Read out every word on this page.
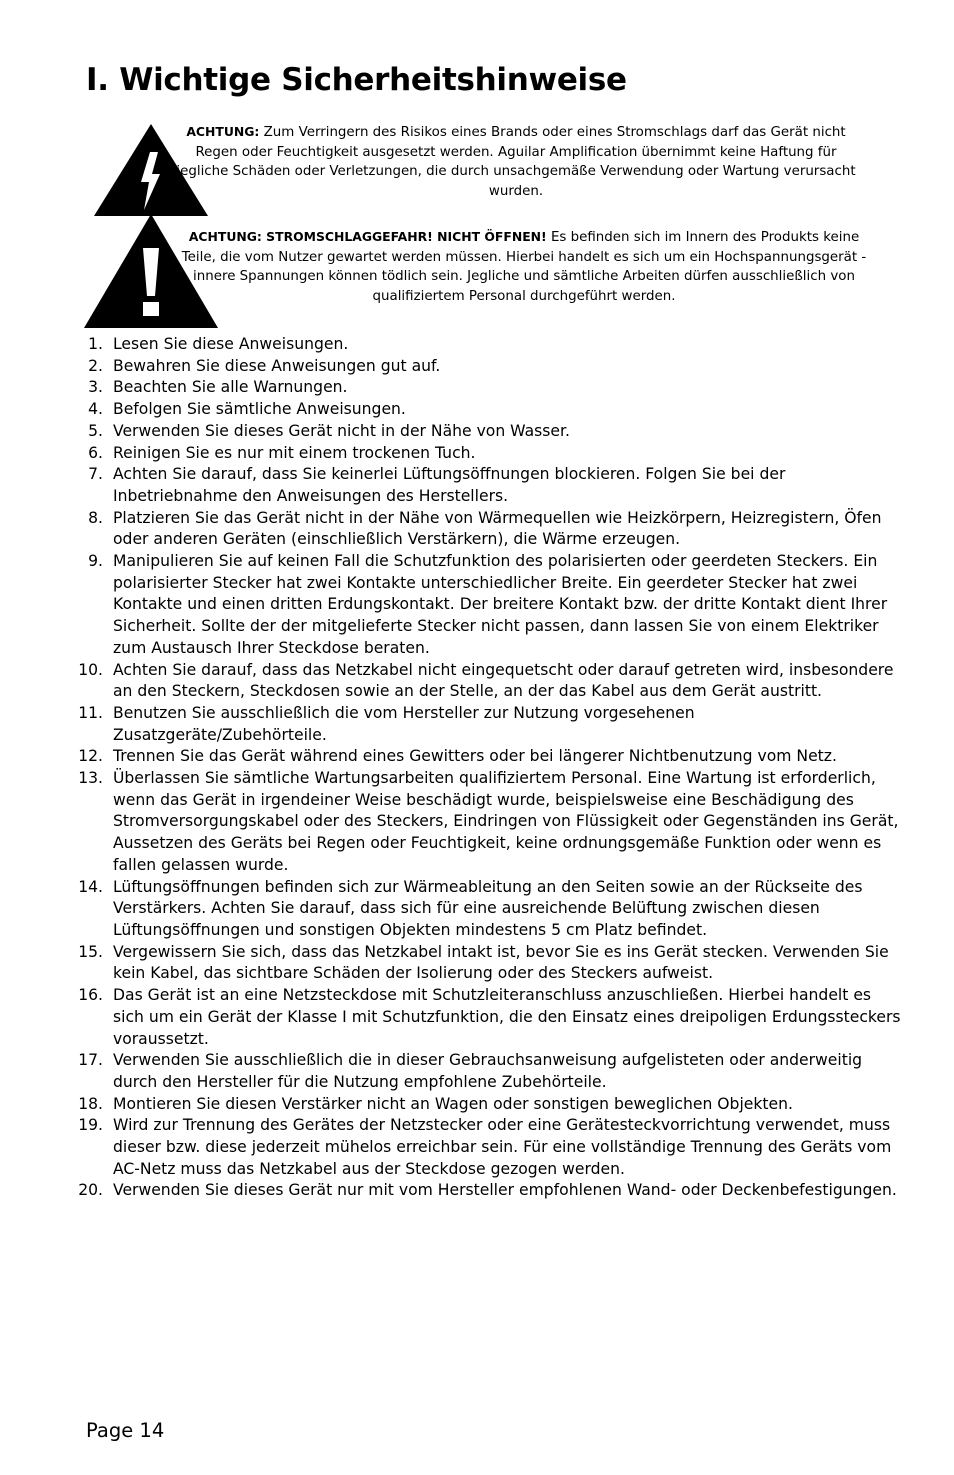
I. Wichtige Sicherheitshinweise
ACHTUNG: Zum Verringern des Risikos eines Brands oder eines Stromschlags darf das Gerät nicht Regen oder Feuchtigkeit ausgesetzt werden. Aguilar Amplification übernimmt keine Haftung für jegliche Schäden oder Verletzungen, die durch unsachgemäße Verwendung oder Wartung verursacht wurden.
ACHTUNG: STROMSCHLAGGEFAHR! NICHT ÖFFNEN! Es befinden sich im Innern des Produkts keine Teile, die vom Nutzer gewartet werden müssen. Hierbei handelt es sich um ein Hochspannungsgerät - innere Spannungen können tödlich sein. Jegliche und sämtliche Arbeiten dürfen ausschließlich von qualifiziertem Personal durchgeführt werden.
1. Lesen Sie diese Anweisungen.
2. Bewahren Sie diese Anweisungen gut auf.
3. Beachten Sie alle Warnungen.
4. Befolgen Sie sämtliche Anweisungen.
5. Verwenden Sie dieses Gerät nicht in der Nähe von Wasser.
6. Reinigen Sie es nur mit einem trockenen Tuch.
7. Achten Sie darauf, dass Sie keinerlei Lüftungsöffnungen blockieren. Folgen Sie bei der Inbetriebnahme den Anweisungen des Herstellers.
8. Platzieren Sie das Gerät nicht in der Nähe von Wärmequellen wie Heizkörpern, Heizregistern, Öfen oder anderen Geräten (einschließlich Verstärkern), die Wärme erzeugen.
9. Manipulieren Sie auf keinen Fall die Schutzfunktion des polarisierten oder geerdeten Steckers. Ein polarisierter Stecker hat zwei Kontakte unterschiedlicher Breite. Ein geerdeter Stecker hat zwei Kontakte und einen dritten Erdungskontakt. Der breitere Kontakt bzw. der dritte Kontakt dient Ihrer Sicherheit. Sollte der der mitgelieferte Stecker nicht passen, dann lassen Sie von einem Elektriker zum Austausch Ihrer Steckdose beraten.
10. Achten Sie darauf, dass das Netzkabel nicht eingequetscht oder darauf getreten wird, insbesondere an den Steckern, Steckdosen sowie an der Stelle, an der das Kabel aus dem Gerät austritt.
11. Benutzen Sie ausschließlich die vom Hersteller zur Nutzung vorgesehenen Zusatzgeräte/Zubehörteile.
12. Trennen Sie das Gerät während eines Gewitters oder bei längerer Nichtbenutzung vom Netz.
13. Überlassen Sie sämtliche Wartungsarbeiten qualifiziertem Personal. Eine Wartung ist erforderlich, wenn das Gerät in irgendeiner Weise beschädigt wurde, beispielsweise eine Beschädigung des Stromversorgungskabel oder des Steckers, Eindringen von Flüssigkeit oder Gegenständen ins Gerät, Aussetzen des Geräts bei Regen oder Feuchtigkeit, keine ordnungsgemäße Funktion oder wenn es fallen gelassen wurde.
14. Lüftungsöffnungen befinden sich zur Wärmeableitung an den Seiten sowie an der Rückseite des Verstärkers. Achten Sie darauf, dass sich für eine ausreichende Belüftung zwischen diesen Lüftungsöffnungen und sonstigen Objekten mindestens 5 cm Platz befindet.
15. Vergewissern Sie sich, dass das Netzkabel intakt ist, bevor Sie es ins Gerät stecken. Verwenden Sie kein Kabel, das sichtbare Schäden der Isolierung oder des Steckers aufweist.
16. Das Gerät ist an eine Netzsteckdose mit Schutzleiteranschluss anzuschließen. Hierbei handelt es sich um ein Gerät der Klasse I mit Schutzfunktion, die den Einsatz eines dreipoligen Erdungssteckers voraussetzt.
17. Verwenden Sie ausschließlich die in dieser Gebrauchsanweisung aufgelisteten oder anderweitig durch den Hersteller für die Nutzung empfohlene Zubehörteile.
18. Montieren Sie diesen Verstärker nicht an Wagen oder sonstigen beweglichen Objekten.
19. Wird zur Trennung des Gerätes der Netzstecker oder eine Gerätesteckvorrichtung verwendet, muss dieser bzw. diese jederzeit mühelos erreichbar sein. Für eine vollständige Trennung des Geräts vom AC-Netz muss das Netzkabel aus der Steckdose gezogen werden.
20. Verwenden Sie dieses Gerät nur mit vom Hersteller empfohlenen Wand- oder Deckenbefestigungen.
Page 14
